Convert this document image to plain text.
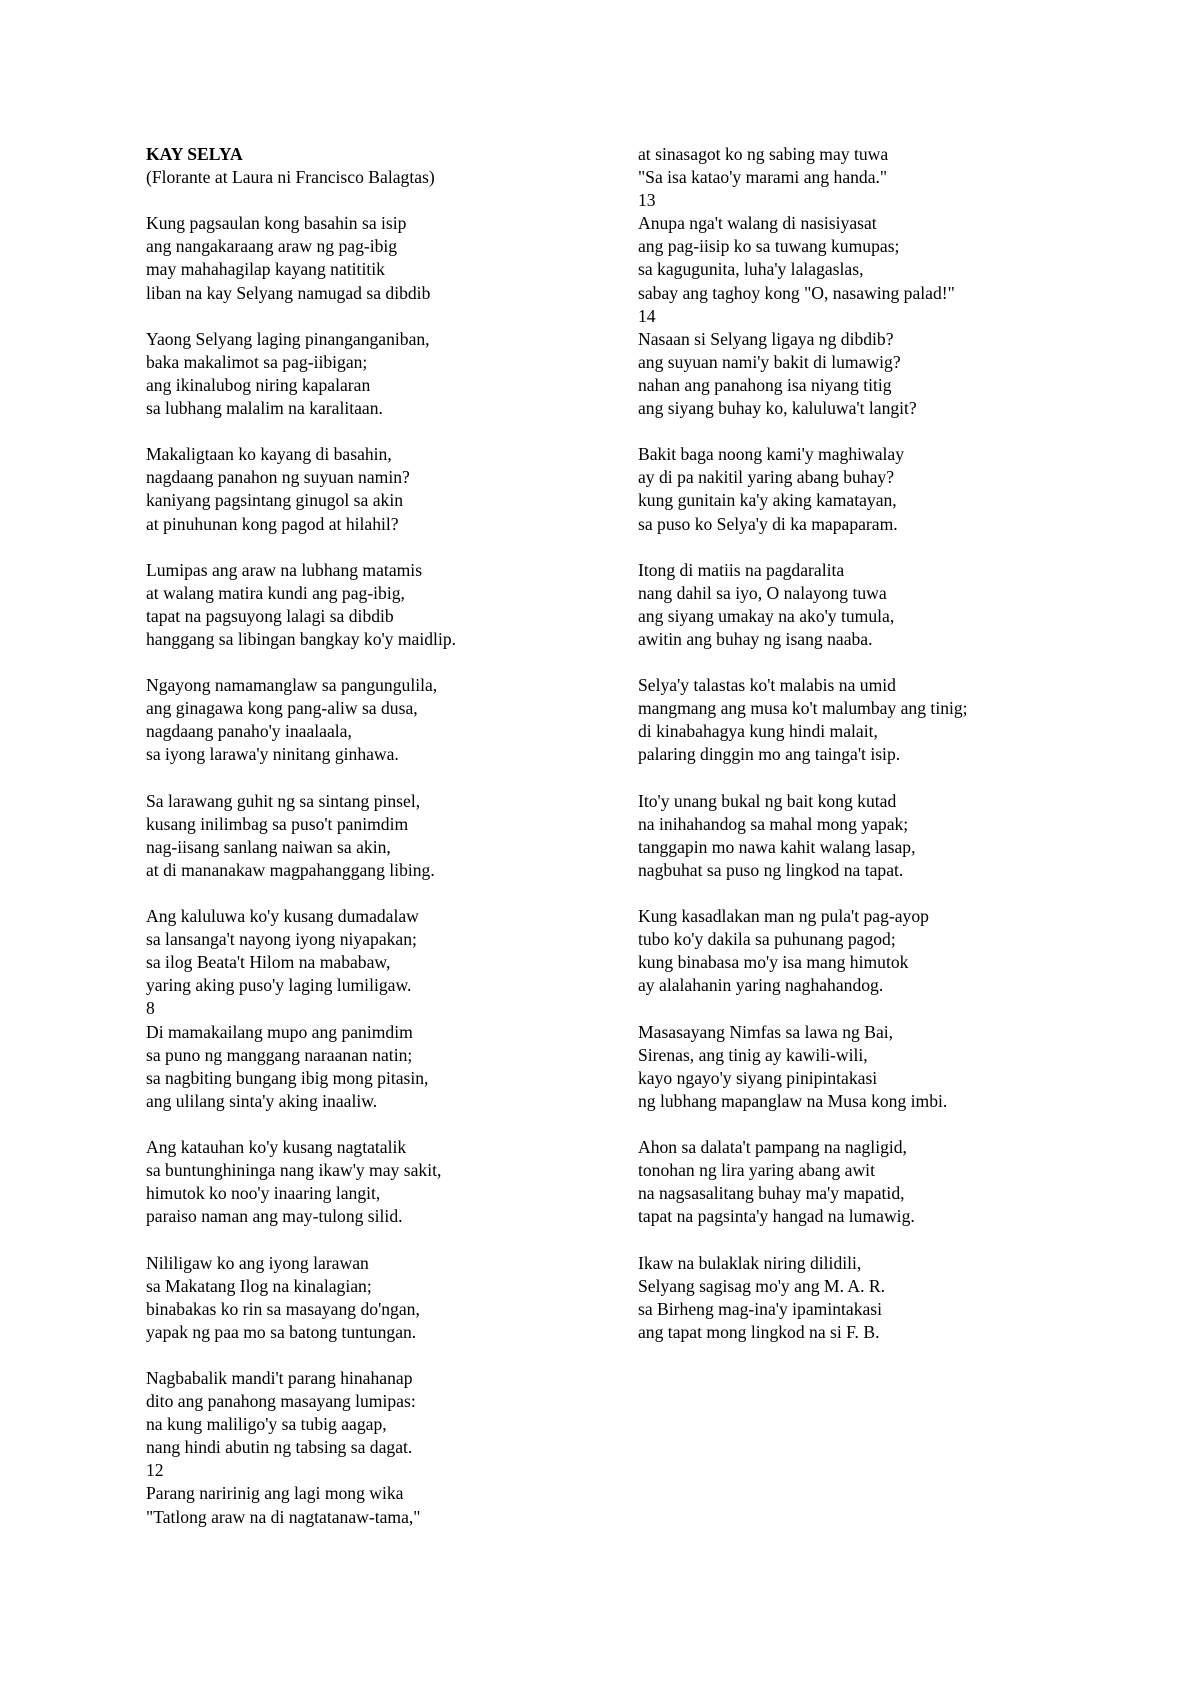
KAY SELYA
(Florante at Laura ni Francisco Balagtas)
Kung pagsaulan kong basahin sa isip
ang nangakaraang araw ng pag-ibig
may mahahagilap kayang natititik
liban na kay Selyang namugad sa dibdib
Yaong Selyang laging pinanganganiban,
baka makalimot sa pag-iibigan;
ang ikinalubog niring kapalaran
sa lubhang malalim na karalitaan.
Makaligtaan ko kayang di basahin,
nagdaang panahon ng suyuan namin?
kaniyang pagsintang ginugol sa akin
at pinuhunan kong pagod at hilahil?
Lumipas ang araw na lubhang matamis
at walang matira kundi ang pag-ibig,
tapat na pagsuyong lalagi sa dibdib
hanggang sa libingan bangkay ko'y maidlip.
Ngayong namamanglaw sa pangungulila,
ang ginagawa kong pang-aliw sa dusa,
nagdaang panaho'y inaalaala,
sa iyong larawa'y ninitang ginhawa.
Sa larawang guhit ng sa sintang pinsel,
kusang inilimbag sa puso't panimdim
nag-iisang sanlang naiwan sa akin,
at di mananakaw magpahanggang libing.
Ang kaluluwa ko'y kusang dumadalaw
sa lansanga't nayong iyong niyapakan;
sa ilog Beata't Hilom na mababaw,
yaring aking puso'y laging lumiligaw.
8
Di mamakailang mupo ang panimdim
sa puno ng manggang naraanan natin;
sa nagbiting bungang ibig mong pitasin,
ang ulilang sinta'y aking inaaliw.
Ang katauhan ko'y kusang nagtatalik
sa buntunghininga nang ikaw'y may sakit,
himutok ko noo'y inaaring langit,
paraiso naman ang may-tulong silid.
Nililigaw ko ang iyong larawan
sa Makatang Ilog na kinalagian;
binabakas ko rin sa masayang do'ngan,
yapak ng paa mo sa batong tuntungan.
Nagbabalik mandi't parang hinahanap
dito ang panahong masayang lumipas:
na kung maliligo'y sa tubig aagap,
nang hindi abutin ng tabsing sa dagat.
12
Parang naririnig ang lagi mong wika
"Tatlong araw na di nagtatanaw-tama,"
at sinasagot ko ng sabing may tuwa
"Sa isa katao'y marami ang handa."
13
Anupa nga't walang di nasisiyasat
ang pag-iisip ko sa tuwang kumupas;
sa kagugunita, luha'y lalagaslas,
sabay ang taghoy kong "O, nasawing palad!"
14
Nasaan si Selyang ligaya ng dibdib?
ang suyuan nami'y bakit di lumawig?
nahan ang panahong isa niyang titig
ang siyang buhay ko, kaluluwa't langit?
Bakit baga noong kami'y maghiwalay
ay di pa nakitil yaring abang buhay?
kung gunitain ka'y aking kamatayan,
sa puso ko Selya'y di ka mapaparam.
Itong di matiis na pagdaralita
nang dahil sa iyo, O nalayong tuwa
ang siyang umakay na ako'y tumula,
awitin ang buhay ng isang naaba.
Selya'y talastas ko't malabis na umid
mangmang ang musa ko't malumbay ang tinig;
di kinabahagya kung hindi malait,
palaring dinggin mo ang tainga't isip.
Ito'y unang bukal ng bait kong kutad
na inihahandog sa mahal mong yapak;
tanggapin mo nawa kahit walang lasap,
nagbuhat sa puso ng lingkod na tapat.
Kung kasadlakan man ng pula't pag-ayop
tubo ko'y dakila sa puhunang pagod;
kung binabasa mo'y isa mang himutok
ay alalahanin yaring naghahandog.
Masasayang Nimfas sa lawa ng Bai,
Sirenas, ang tinig ay kawili-wili,
kayo ngayo'y siyang pinipintakasi
ng lubhang mapanglaw na Musa kong imbi.
Ahon sa dalata't pampang na nagligid,
tonohan ng lira yaring abang awit
na nagsasalitang buhay ma'y mapatid,
tapat na pagsinta'y hangad na lumawig.
Ikaw na bulaklak niring dilidili,
Selyang sagisag mo'y ang M. A. R.
sa Birheng mag-ina'y ipamintakasi
ang tapat mong lingkod na si F. B.
